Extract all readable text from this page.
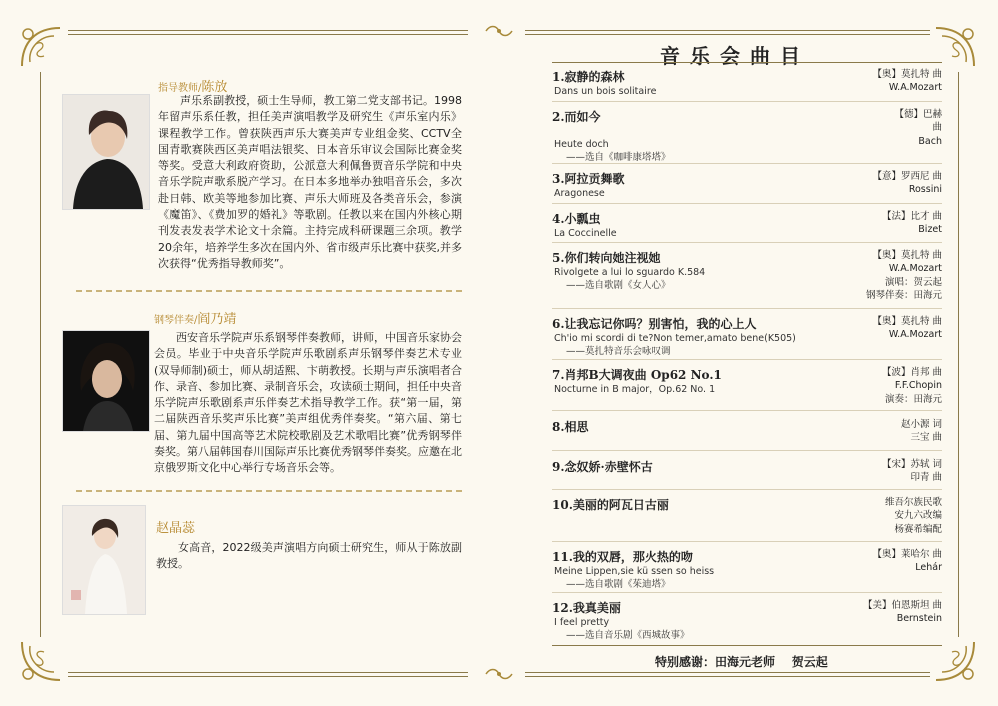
指导教师/陈放
声乐系副教授，硕士生导师，教工第二党支部书记。1998年留声乐系任教，担任美声演唱教学及研究生《声乐室内乐》课程教学工作。曾获陕西声乐大赛美声专业组金奖、CCTV全国青歌赛陕西区美声唱法银奖、日本音乐审议会国际比赛金奖等奖。受意大利政府资助，公派意大利佩鲁贾音乐学院和中央音乐学院声歌系脱产学习。在日本多地举办独唱音乐会，多次赴日韩、欧美等地参加比赛、声乐大师班及各类音乐会，参演《魔笛》、《费加罗的婚礼》等歌剧。任教以来在国内外核心期刊发表发表学术论文十余篇。主持完成科研课题三余项。教学20余年，培养学生多次在国内外、省市级声乐比赛中获奖,并多次获得“优秀指导教师奖”。
钢琴伴奏/阎乃靖
西安音乐学院声乐系钢琴伴奏教师，讲师，中国音乐家协会会员。毕业于中央音乐学院声乐歌剧系声乐钢琴伴奏艺术专业(双导师制)硕士，师从胡适熙、卞萌教授。长期与声乐演唱者合作、录音、参加比赛、录制音乐会，攻读硕士期间，担任中央音乐学院声乐歌剧系声乐伴奏艺术指导教学工作。获“第一届，第二届陕西音乐奖声乐比赛”美声组优秀伴奏奖。“第六届、第七届、第九届中国高等艺术院校歌剧及艺术歌唱比赛”优秀钢琴伴奏奖。第八届韩国春川国际声乐比赛优秀钢琴伴奏奖。应邀在北京俄罗斯文化中心举行专场音乐会等。
赵晶蕊
女高音，2022级美声演唱方向硕士研究生，师从于陈放副教授。
音乐会曲目
1.寂静的森林
Dans un bois solitaire
【奥】莫扎特 曲
W.A.Mozart
2.而如今

Heute doch
——选自《咖啡康塔塔》
【德】巴赫
曲
Bach
3.阿拉贡舞歌
Aragonese
【意】罗西尼 曲
Rossini
4.小瓢虫
La Coccinelle
【法】比才 曲
Bizet
5.你们转向她注视她
Rivolgete a lui lo sguardo K.584
——选自歌剧《女人心》
【奥】莫扎特 曲
W.A.Mozart
演唱：贺云起
钢琴伴奏：田海元
6.让我忘记你吗？别害怕，我的心上人
Ch'io mi scordi di te?Non temer,amato bene(K505)
——莫扎特音乐会咏叹调
【奥】莫扎特 曲
W.A.Mozart
7.肖邦B大调夜曲 Op62 No.1
Nocturne in B major，Op.62 No. 1
【波】肖邦 曲
F.F.Chopin
演奏：田海元
8.相思	赵小源 词
三宝 曲
9.念奴娇·赤壁怀古	【宋】苏轼 词
印青 曲
10.美丽的阿瓦日古丽	维吾尔族民歌
安九六改编
杨赛希编配
11.我的双唇，那火热的吻
Meine Lippen,sie kü ssen so heiss
——选自歌剧《茱迪塔》
【奥】莱哈尔 曲
Lehár
12.我真美丽
I feel pretty
——选自音乐剧《西城故事》
【美】伯恩斯坦 曲
Bernstein
特别感谢：田海元老师    贺云起
